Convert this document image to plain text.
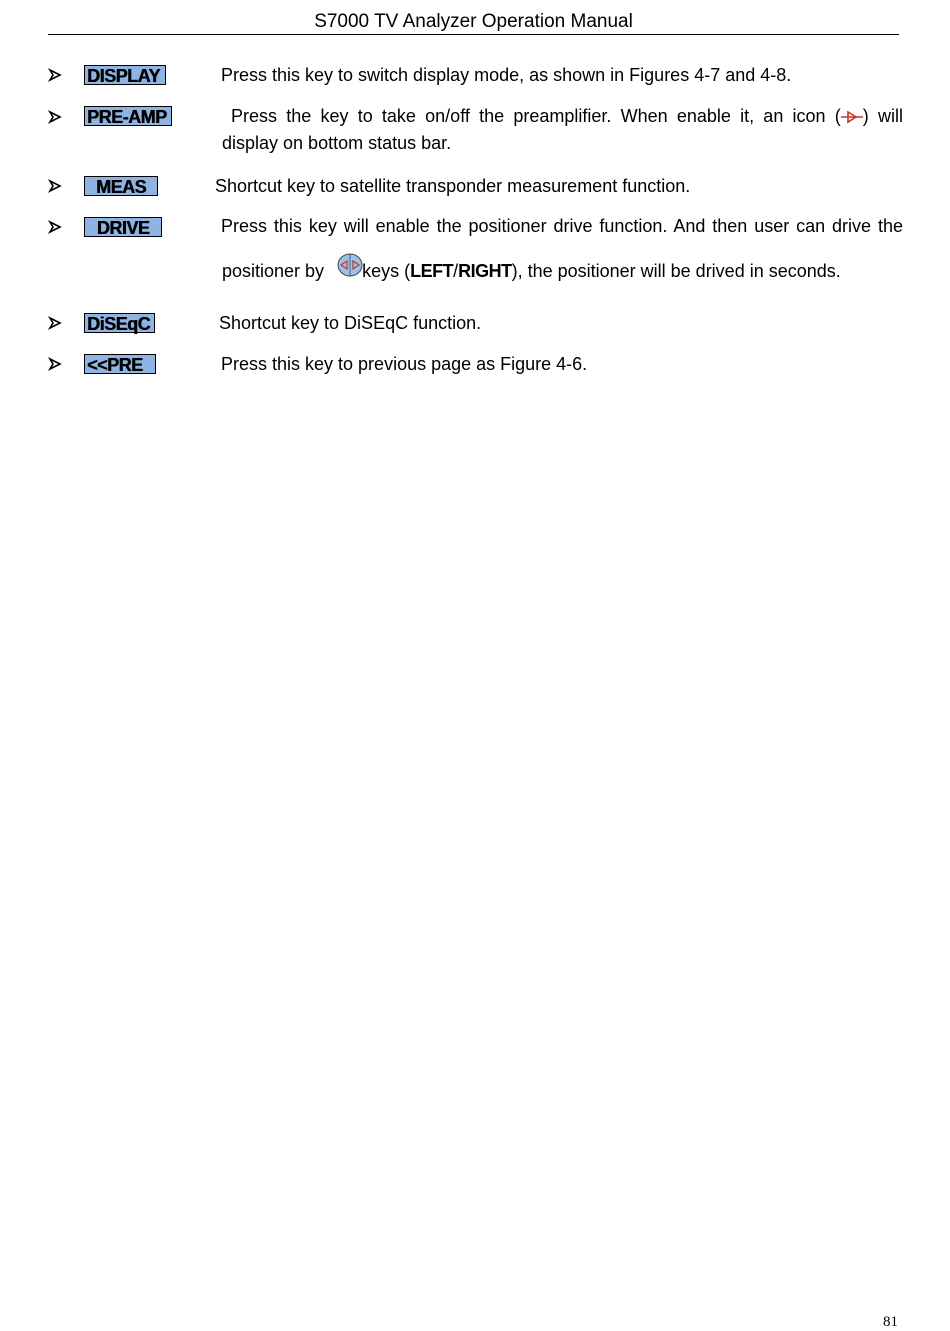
S7000 TV Analyzer Operation Manual
DISPLAY	Press this key to switch display mode, as shown in Figures 4-7 and 4-8.
PRE-AMP	Press the key to take on/off the preamplifier. When enable it, an icon ( ) will
display on bottom status bar.
MEAS	Shortcut key to satellite transponder measurement function.
DRIVE	Press this key will enable the positioner drive function. And then user can drive the
positioner by keys (LEFT/RIGHT), the positioner will be drived in seconds.
DiSEqC	Shortcut key to DiSEqC function.
<<PRE	Press this key to previous page as Figure 4-6.
81
